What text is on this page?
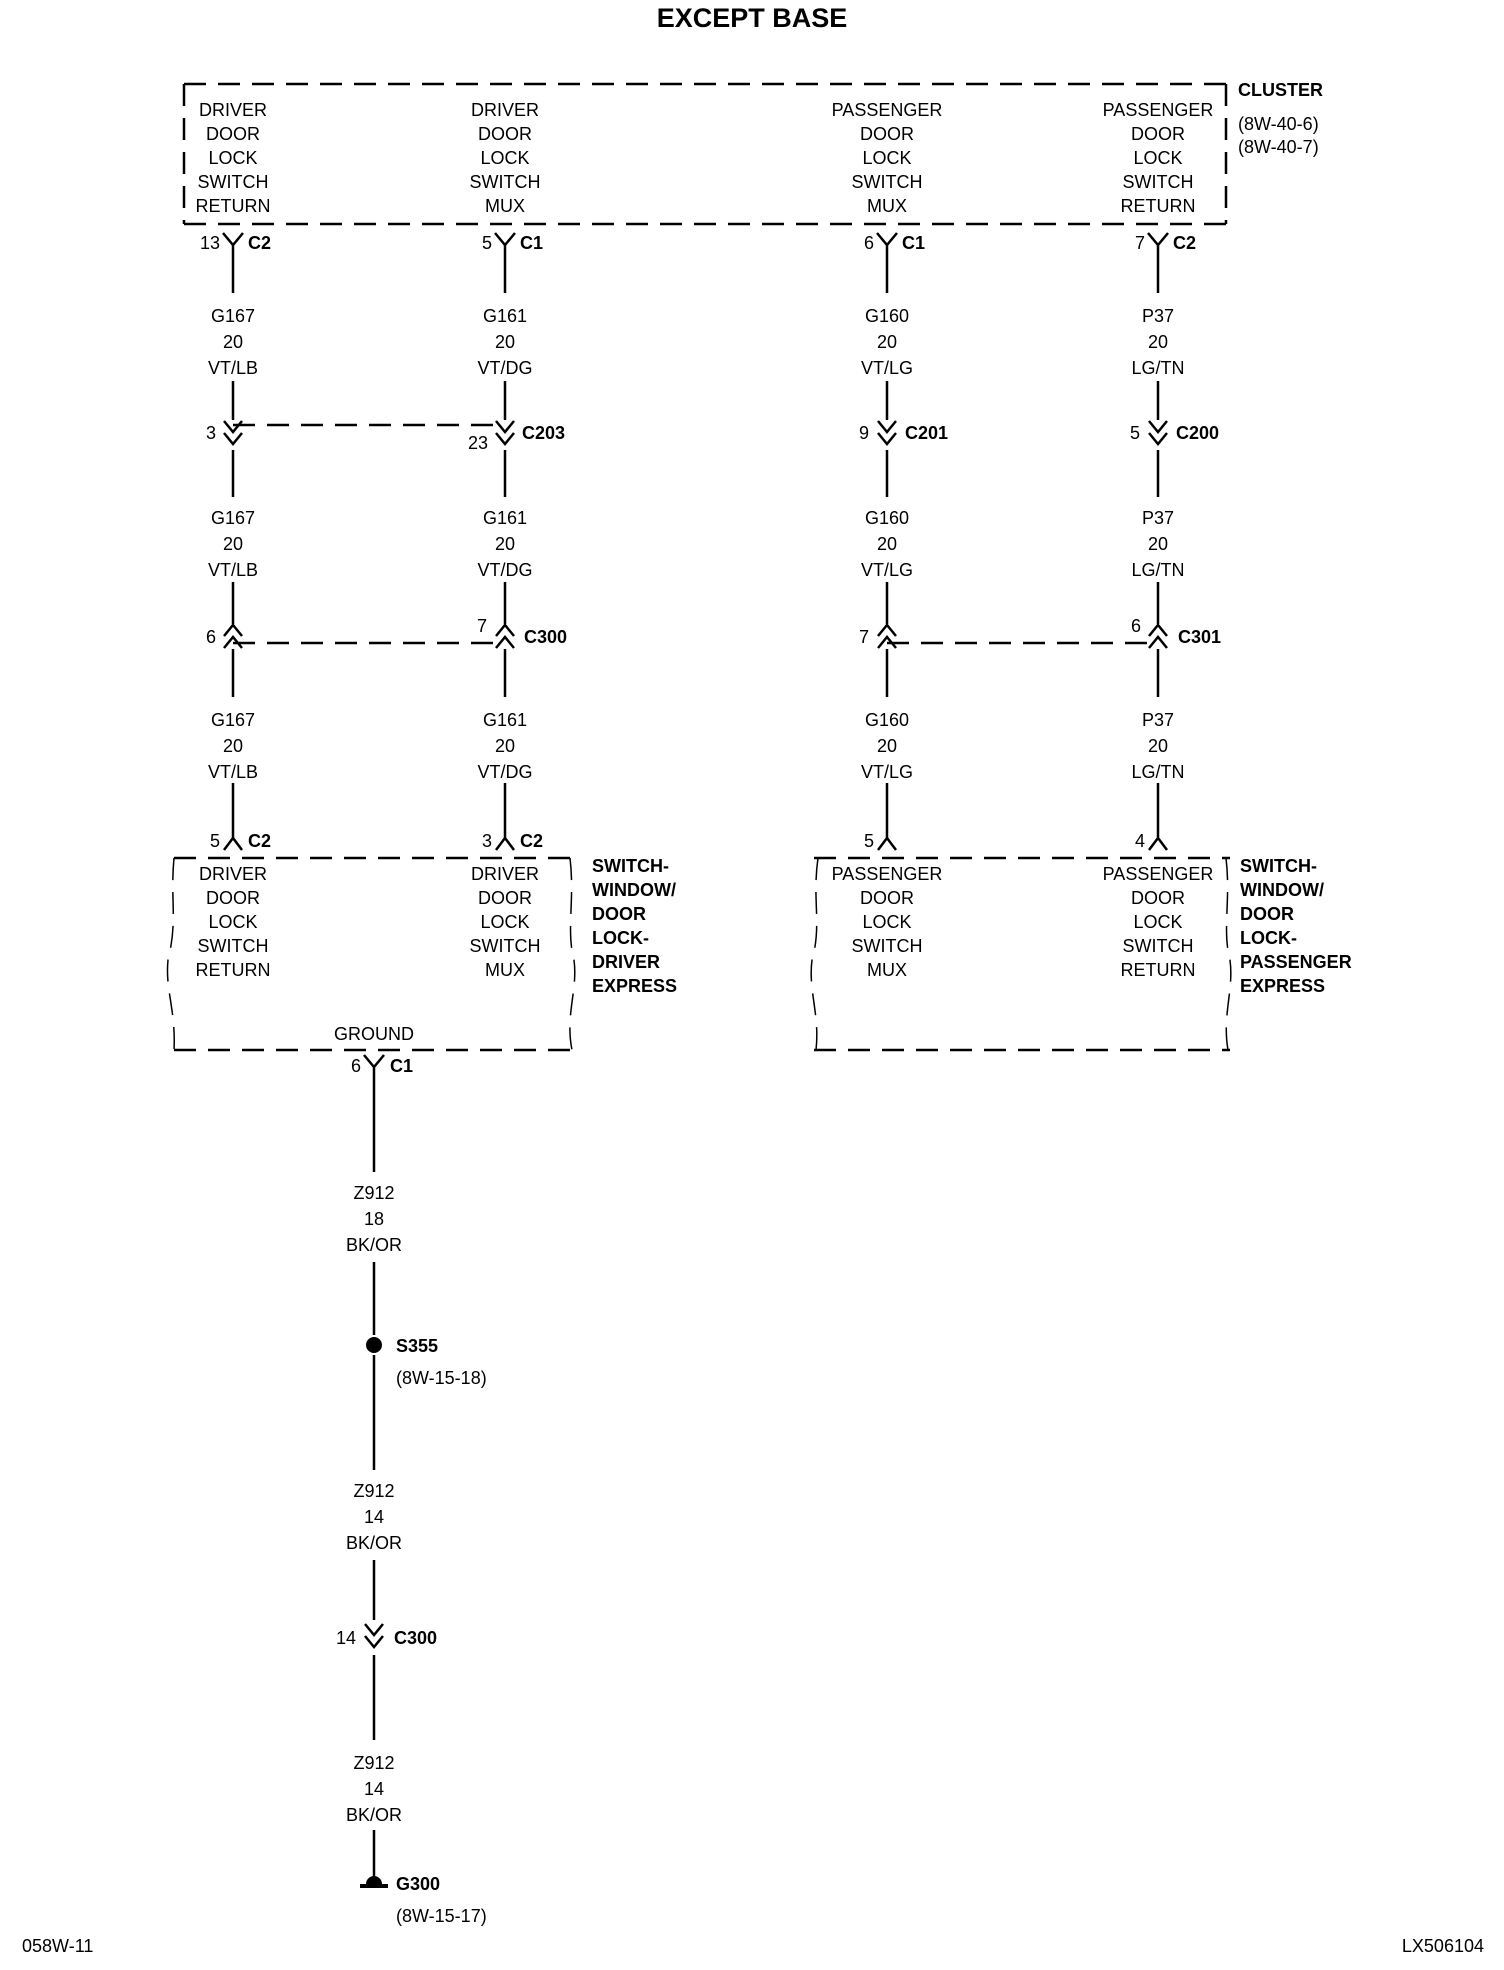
EXCEPT BASE
CLUSTER
(8W-40-6)
(8W-40-7)
DRIVER
DOOR
LOCK
SWITCH
RETURN
DRIVER
DOOR
LOCK
SWITCH
MUX
PASSENGER
DOOR
LOCK
SWITCH
MUX
PASSENGER
DOOR
LOCK
SWITCH
RETURN
13 C2	5 C1	6 C1	7 C2
G167
20
VT/LB
G161
20
VT/DG
G160
20
VT/LG
P37
20
LG/TN
3	23 C203	9 C201	5 C200
G167
20
VT/LB
G161
20
VT/DG
G160
20
VT/LG
P37
20
LG/TN
6
7
C300	7
6
C301
G167
20
VT/LB
G161
20
VT/DG
G160
20
VT/LG
P37
20
LG/TN
5 C2	3 C2	5	4
DRIVER
DOOR
LOCK
SWITCH
RETURN
DRIVER
DOOR
LOCK
SWITCH
MUX
SWITCH-
WINDOW/
DOOR
LOCK-
DRIVER
EXPRESS
GROUND
PASSENGER
DOOR
LOCK
SWITCH
MUX
PASSENGER
DOOR
LOCK
SWITCH
RETURN
SWITCH-
WINDOW/
DOOR
LOCK-
PASSENGER
EXPRESS
6 C1
Z912
18
BK/OR
S355
(8W-15-18)
Z912
14
BK/OR
14 C300
Z912
14
BK/OR
G300
(8W-15-17)
058W-11	LX506104
